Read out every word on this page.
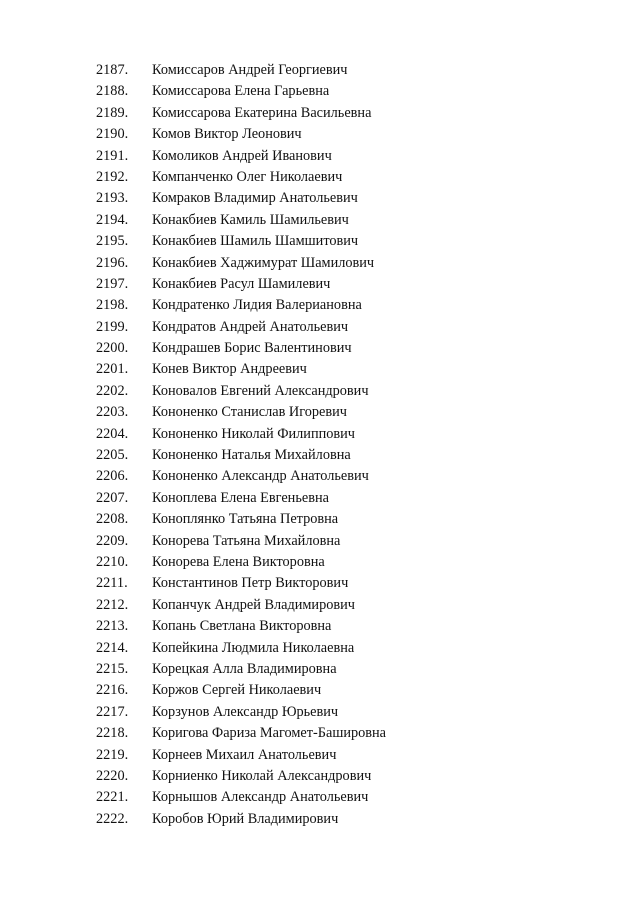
2187.	Комиссаров Андрей Георгиевич
2188.	Комиссарова Елена Гарьевна
2189.	Комиссарова Екатерина Васильевна
2190.	Комов Виктор Леонович
2191.	Комоликов Андрей Иванович
2192.	Компанченко Олег Николаевич
2193.	Комраков Владимир Анатольевич
2194.	Конакбиев Камиль Шамильевич
2195.	Конакбиев Шамиль Шамшитович
2196.	Конакбиев Хаджимурат Шамилович
2197.	Конакбиев Расул Шамилевич
2198.	Кондратенко Лидия Валериановна
2199.	Кондратов Андрей Анатольевич
2200.	Кондрашев Борис Валентинович
2201.	Конев Виктор Андреевич
2202.	Коновалов Евгений Александрович
2203.	Кононенко Станислав Игоревич
2204.	Кононенко Николай Филиппович
2205.	Кононенко Наталья Михайловна
2206.	Кононенко Александр Анатольевич
2207.	Коноплева Елена Евгеньевна
2208.	Коноплянко Татьяна Петровна
2209.	Конорева Татьяна Михайловна
2210.	Конорева Елена Викторовна
2211.	Константинов Петр Викторович
2212.	Копанчук Андрей Владимирович
2213.	Копань Светлана Викторовна
2214.	Копейкина Людмила Николаевна
2215.	Корецкая Алла Владимировна
2216.	Коржов Сергей Николаевич
2217.	Корзунов Александр Юрьевич
2218.	Коригова Фариза Магомет-Башировна
2219.	Корнеев Михаил Анатольевич
2220.	Корниенко Николай Александрович
2221.	Корнышов Александр Анатольевич
2222.	Коробов Юрий Владимирович
